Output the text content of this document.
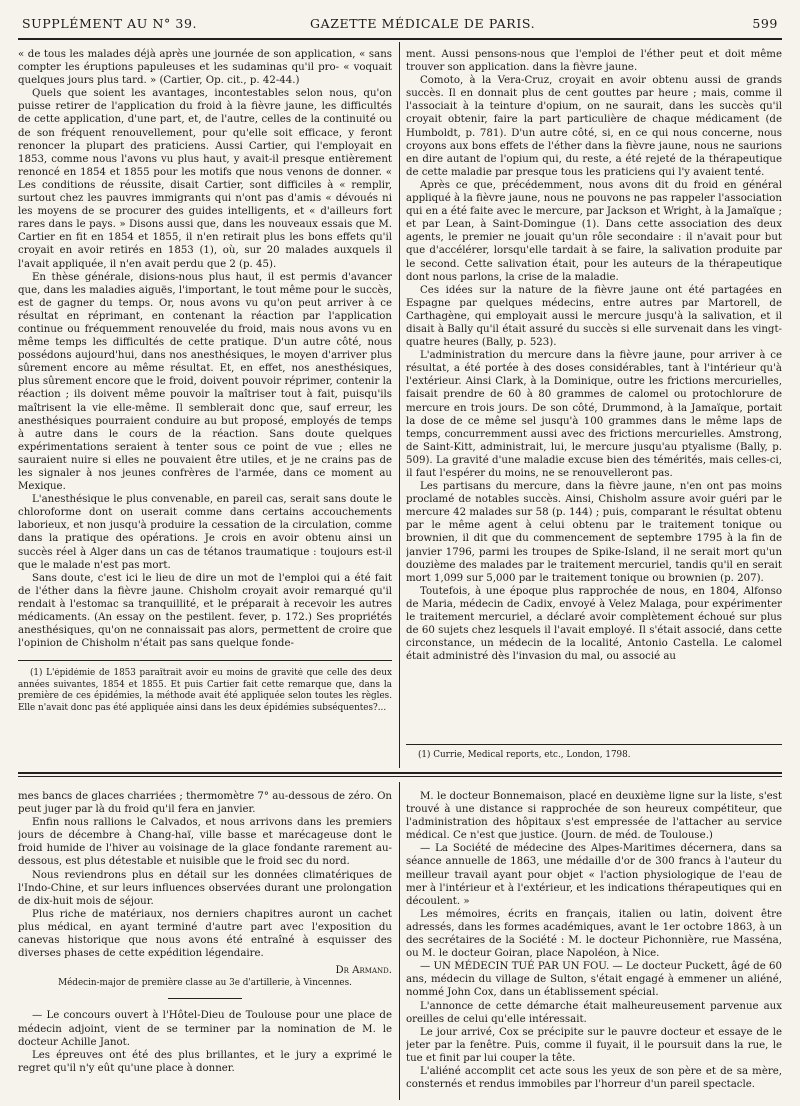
SUPPLÉMENT AU N° 39.	GAZETTE MÉDICALE DE PARIS.	599

« de tous les malades déjà après une journée de son application, « sans compter les éruptions papuleuses et les sudaminas qu'il pro- « voquait quelques jours plus tard. » (Cartier, Op. cit., p. 42-44.)

Quels que soient les avantages, incontestables selon nous, qu'on puisse retirer de l'application du froid à la fièvre jaune, les difficultés de cette application, d'une part, et, de l'autre, celles de la continuité ou de son fréquent renouvellement, pour qu'elle soit efficace, y feront renoncer la plupart des praticiens. Aussi Cartier, qui l'employait en 1853, comme nous l'avons vu plus haut, y avait-il presque entièrement renoncé en 1854 et 1855 pour les motifs que nous venons de donner. « Les conditions de réussite, disait Cartier, sont difficiles à « remplir, surtout chez les pauvres immigrants qui n'ont pas d'amis « dévoués ni les moyens de se procurer des guides intelligents, et « d'ailleurs fort rares dans le pays. » Disons aussi que, dans les nouveaux essais que M. Cartier en fit en 1854 et 1855, il n'en retirait plus les bons effets qu'il croyait en avoir retirés en 1853 (1), où, sur 20 malades auxquels il l'avait appliquée, il n'en avait perdu que 2 (p. 45).

En thèse générale, disions-nous plus haut, il est permis d'avancer que, dans les maladies aiguës, l'important, le tout même pour le succès, est de gagner du temps. Or, nous avons vu qu'on peut arriver à ce résultat en réprimant, en contenant la réaction par l'application continue ou fréquemment renouvelée du froid, mais nous avons vu en même temps les difficultés de cette pratique. D'un autre côté, nous possédons aujourd'hui, dans nos anesthésiques, le moyen d'arriver plus sûrement encore au même résultat. Et, en effet, nos anesthésiques, plus sûrement encore que le froid, doivent pouvoir réprimer, contenir la réaction ; ils doivent même pouvoir la maîtriser tout à fait, puisqu'ils maîtrisent la vie elle-même. Il semblerait donc que, sauf erreur, les anesthésiques pourraient conduire au but proposé, employés de temps à autre dans le cours de la réaction. Sans doute quelques expérimentations seraient à tenter sous ce point de vue ; elles ne sauraient nuire si elles ne pouvaient être utiles, et je ne crains pas de les signaler à nos jeunes confrères de l'armée, dans ce moment au Mexique.

L'anesthésique le plus convenable, en pareil cas, serait sans doute le chloroforme dont on userait comme dans certains accouchements laborieux, et non jusqu'à produire la cessation de la circulation, comme dans la pratique des opérations. Je crois en avoir obtenu ainsi un succès réel à Alger dans un cas de tétanos traumatique : toujours est-il que le malade n'est pas mort.

Sans doute, c'est ici le lieu de dire un mot de l'emploi qui a été fait de l'éther dans la fièvre jaune. Chisholm croyait avoir remarqué qu'il rendait à l'estomac sa tranquillité, et le préparait à recevoir les autres médicaments. (An essay on the pestilent. fever, p. 172.) Ses propriétés anesthésiques, qu'on ne connaissait pas alors, permettent de croire que l'opinion de Chisholm n'était pas sans quelque fonde-

(1) L'épidémie de 1853 paraîtrait avoir eu moins de gravité que celle des deux années suivantes, 1854 et 1855. Et puis Cartier fait cette remarque que, dans la première de ces épidémies, la méthode avait été appliquée selon toutes les règles. Elle n'avait donc pas été appliquée ainsi dans les deux épidémies subséquentes?...

ment. Aussi pensons-nous que l'emploi de l'éther peut et doit même trouver son application. dans la fièvre jaune.

Comoto, à la Vera-Cruz, croyait en avoir obtenu aussi de grands succès. Il en donnait plus de cent gouttes par heure ; mais, comme il l'associait à la teinture d'opium, on ne saurait, dans les succès qu'il croyait obtenir, faire la part particulière de chaque médicament (de Humboldt, p. 781). D'un autre côté, si, en ce qui nous concerne, nous croyons aux bons effets de l'éther dans la fièvre jaune, nous ne saurions en dire autant de l'opium qui, du reste, a été rejeté de la thérapeutique de cette maladie par presque tous les praticiens qui l'y avaient tenté.

Après ce que, précédemment, nous avons dit du froid en général appliqué à la fièvre jaune, nous ne pouvons ne pas rappeler l'association qui en a été faite avec le mercure, par Jackson et Wright, à la Jamaïque ; et par Lean, à Saint-Domingue (1). Dans cette association des deux agents, le premier ne jouait qu'un rôle secondaire : il n'avait pour but que d'accélérer, lorsqu'elle tardait à se faire, la salivation produite par le second. Cette salivation était, pour les auteurs de la thérapeutique dont nous parlons, la crise de la maladie.

Ces idées sur la nature de la fièvre jaune ont été partagées en Espagne par quelques médecins, entre autres par Martorell, de Carthagène, qui employait aussi le mercure jusqu'à la salivation, et il disait à Bally qu'il était assuré du succès si elle survenait dans les vingt-quatre heures (Bally, p. 523).

L'administration du mercure dans la fièvre jaune, pour arriver à ce résultat, a été portée à des doses considérables, tant à l'intérieur qu'à l'extérieur. Ainsi Clark, à la Dominique, outre les frictions mercurielles, faisait prendre de 60 à 80 grammes de calomel ou protochlorure de mercure en trois jours. De son côté, Drummond, à la Jamaïque, portait la dose de ce même sel jusqu'à 100 grammes dans le même laps de temps, concurremment aussi avec des frictions mercurielles. Amstrong, de Saint-Kitt, administrait, lui, le mercure jusqu'au ptyalisme (Bally, p. 509). La gravité d'une maladie excuse bien des témérités, mais celles-ci, il faut l'espérer du moins, ne se renouvelleront pas.

Les partisans du mercure, dans la fièvre jaune, n'en ont pas moins proclamé de notables succès. Ainsi, Chisholm assure avoir guéri par le mercure 42 malades sur 58 (p. 144) ; puis, comparant le résultat obtenu par le même agent à celui obtenu par le traitement tonique ou brownien, il dit que du commencement de septembre 1795 à la fin de janvier 1796, parmi les troupes de Spike-Island, il ne serait mort qu'un douzième des malades par le traitement mercuriel, tandis qu'il en serait mort 1,099 sur 5,000 par le traitement tonique ou brownien (p. 207).

Toutefois, à une époque plus rapprochée de nous, en 1804, Alfonso de Maria, médecin de Cadix, envoyé à Velez Malaga, pour expérimenter le traitement mercuriel, a déclaré avoir complètement échoué sur plus de 60 sujets chez lesquels il l'avait employé. Il s'était associé, dans cette circonstance, un médecin de la localité, Antonio Castella. Le calomel était administré dès l'invasion du mal, ou associé au

(1) Currie, Medical reports, etc., London, 1798.

mes bancs de glaces charriées ; thermomètre 7° au-dessous de zéro. On peut juger par là du froid qu'il fera en janvier.

Enfin nous rallions le Calvados, et nous arrivons dans les premiers jours de décembre à Chang-haï, ville basse et marécageuse dont le froid humide de l'hiver au voisinage de la glace fondante rarement au-dessous, est plus détestable et nuisible que le froid sec du nord.

Nous reviendrons plus en détail sur les données climatériques de l'Indo-Chine, et sur leurs influences observées durant une prolongation de dix-huit mois de séjour.

Plus riche de matériaux, nos derniers chapitres auront un cachet plus médical, en ayant terminé d'autre part avec l'exposition du canevas historique que nous avons été entraîné à esquisser des diverses phases de cette expédition légendaire.

Dr Armand.

Médecin-major de première classe au 3e d'artillerie, à Vincennes.

— Le concours ouvert à l'Hôtel-Dieu de Toulouse pour une place de médecin adjoint, vient de se terminer par la nomination de M. le docteur Achille Janot.

Les épreuves ont été des plus brillantes, et le jury a exprimé le regret qu'il n'y eût qu'une place à donner.

M. le docteur Bonnemaison, placé en deuxième ligne sur la liste, s'est trouvé à une distance si rapprochée de son heureux compétiteur, que l'administration des hôpitaux s'est empressée de l'attacher au service médical. Ce n'est que justice. (Journ. de méd. de Toulouse.)

— La Société de médecine des Alpes-Maritimes décernera, dans sa séance annuelle de 1863, une médaille d'or de 300 francs à l'auteur du meilleur travail ayant pour objet « l'action physiologique de l'eau de mer à l'intérieur et à l'extérieur, et les indications thérapeutiques qui en découlent. »

Les mémoires, écrits en français, italien ou latin, doivent être adressés, dans les formes académiques, avant le 1er octobre 1863, à un des secrétaires de la Société : M. le docteur Pichonnière, rue Masséna, ou M. le docteur Goiran, place Napoléon, à Nice.

— UN MÉDECIN TUÉ PAR UN FOU. — Le docteur Puckett, âgé de 60 ans, médecin du village de Sulton, s'était engagé à emmener un aliéné, nommé John Cox, dans un établissement spécial.

L'annonce de cette démarche était malheureusement parvenue aux oreilles de celui qu'elle intéressait.

Le jour arrivé, Cox se précipite sur le pauvre docteur et essaye de le jeter par la fenêtre. Puis, comme il fuyait, il le poursuit dans la rue, le tue et finit par lui couper la tête.

L'aliéné accomplit cet acte sous les yeux de son père et de sa mère, consternés et rendus immobiles par l'horreur d'un pareil spectacle.
